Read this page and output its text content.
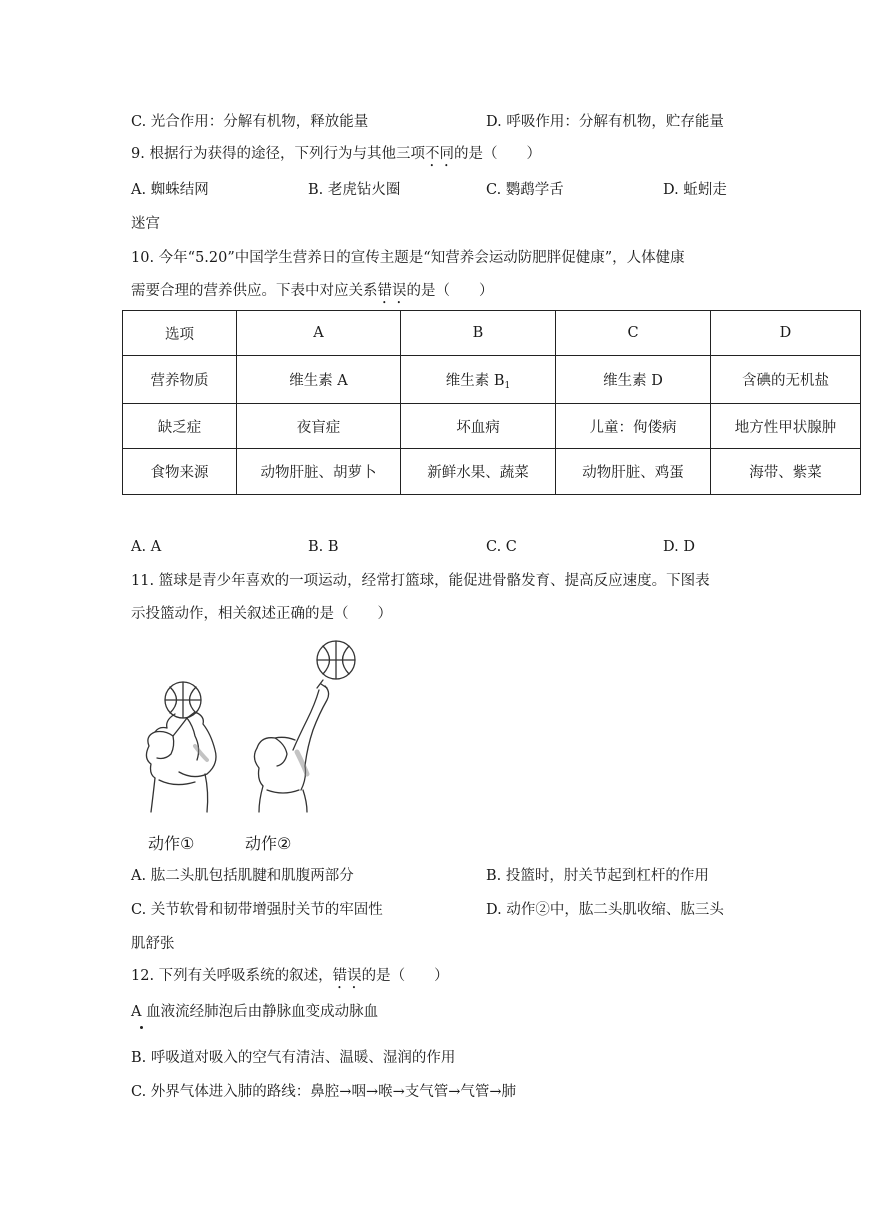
C. 光合作用：分解有机物，释放能量	D. 呼吸作用：分解有机物，贮存能量
9. 根据行为获得的途径，下列行为与其他三项不同的是（　　）
A. 蜘蛛结网	B. 老虎钻火圈	C. 鹦鹉学舌	D. 蚯蚓走
迷宫
10. 今年“5.20”中国学生营养日的宣传主题是“知营养会运动防肥胖促健康”，人体健康
需要合理的营养供应。下表中对应关系错误的是（　　）
选项	A	B	C	D
营养物质	维生素 A	维生素 $B_1$	维生素 D	含碘的无机盐
缺乏症	夜盲症	坏血病	儿童：佝偻病	地方性甲状腺肿
食物来源	动物肝脏、胡萝卜	新鲜水果、蔬菜	动物肝脏、鸡蛋	海带、紫菜
A. A	B. B	C. C	D. D
11. 篮球是青少年喜欢的一项运动，经常打篮球，能促进骨骼发育、提高反应速度。下图表
示投篮动作，相关叙述正确的是（　　）
动作①	动作②
A. 肱二头肌包括肌腱和肌腹两部分	B. 投篮时，肘关节起到杠杆的作用
C. 关节软骨和韧带增强肘关节的牢固性	D. 动作②中，肱二头肌收缩、肱三头
肌舒张
12. 下列有关呼吸系统的叙述，错误的是（　　）
A 血液流经肺泡后由静脉血变成动脉血
B. 呼吸道对吸入的空气有清洁、温暖、湿润的作用
C. 外界气体进入肺的路线：鼻腔→咽→喉→支气管→气管→肺
